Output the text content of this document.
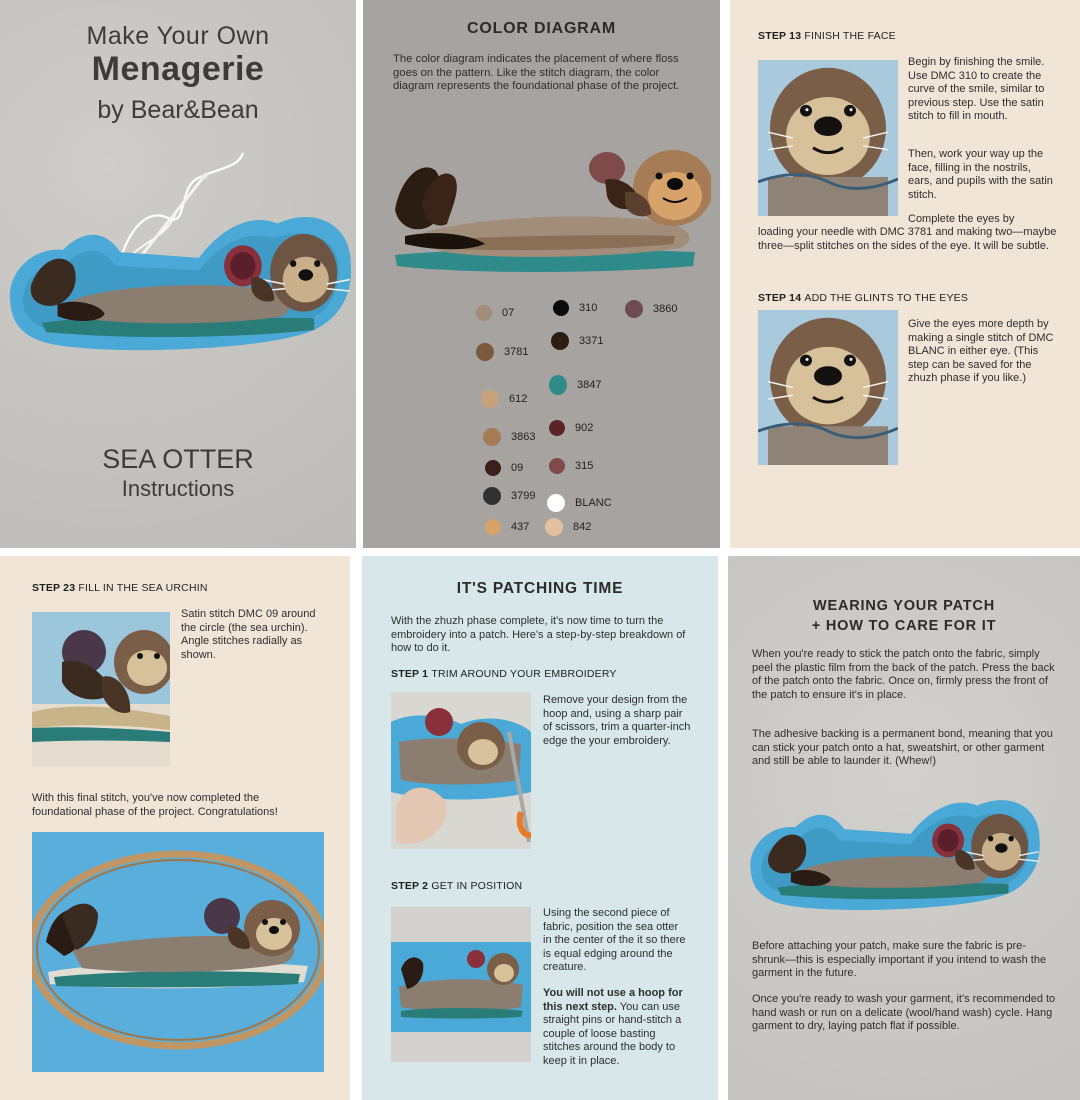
Make Your Own
Menagerie
by Bear&Bean
SEA OTTER
Instructions
COLOR DIAGRAM
The color diagram indicates the placement of where floss goes on the pattern. Like the stitch diagram, the color diagram represents the foundational phase of the project.
07
3781
612
3863
09
3799
437
310
3371
3847
902
315
BLANC
842
3860
STEP 13 FINISH THE FACE
Begin by finishing the smile. Use DMC 310 to create the curve of the smile, similar to previous step. Use the satin stitch to fill in mouth.
Then, work your way up the face, filling in the nostrils, ears, and pupils with the satin stitch.
Complete the eyes by
loading your needle with DMC 3781 and making two—maybe three—split stitches on the sides of the eye. It will be subtle.
STEP 14 ADD THE GLINTS TO THE EYES
Give the eyes more depth by making a single stitch of DMC BLANC in either eye. (This step can be saved for the zhuzh phase if you like.)
STEP 23 FILL IN THE SEA URCHIN
Satin stitch DMC 09 around the circle (the sea urchin). Angle stitches radially as shown.
With this final stitch, you've now completed the foundational phase of the project. Congratulations!
IT'S PATCHING TIME
With the zhuzh phase complete, it's now time to turn the embroidery into a patch. Here's a step-by-step breakdown of how to do it.
STEP 1 TRIM AROUND YOUR EMBROIDERY
Remove your design from the hoop and, using a sharp pair of scissors, trim a quarter-inch edge the your embroidery.
STEP 2 GET IN POSITION
Using the second piece of fabric, position the sea otter in the center of the it so there is equal edging around the creature.
You will not use a hoop for this next step. You can use straight pins or hand-stitch a couple of loose basting stitches around the body to keep it in place.
WEARING YOUR PATCH
+ HOW TO CARE FOR IT
When you're ready to stick the patch onto the fabric, simply peel the plastic film from the back of the patch. Press the back of the patch onto the fabric. Once on, firmly press the front of the patch to ensure it's in place.
The adhesive backing is a permanent bond, meaning that you can stick your patch onto a hat, sweatshirt, or other garment and still be able to launder it. (Whew!)
Before attaching your patch, make sure the fabric is pre-shrunk—this is especially important if you intend to wash the garment in the future.
Once you're ready to wash your garment, it's recommended to hand wash or run on a delicate (wool/hand wash) cycle. Hang garment to dry, laying patch flat if possible.
